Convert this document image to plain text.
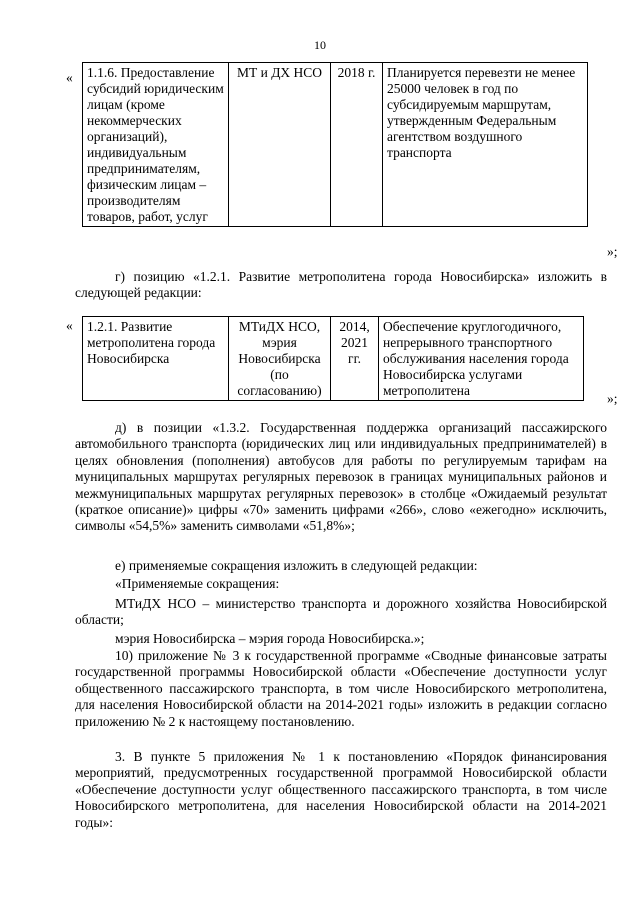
10
« 1.1.6. Предоставление субсидий юридическим лицам (кроме некоммерческих организаций), индивидуальным предпринимателям, физическим лицам – производителям товаров, работ, услуг	МТ и ДХ НСО	2018 г.	Планируется перевезти не менее 25000 человек в год по субсидируемым маршрутам, утвержденным Федеральным агентством воздушного транспорта
»;

г) позицию «1.2.1. Развитие метрополитена города Новосибирска» изложить в следующей редакции:

« 1.2.1. Развитие метрополитена города Новосибирска	МТиДХ НСО, мэрия Новосибирска (по согласованию)	2014, 2021 гг.	Обеспечение круглогодичного, непрерывного транспортного обслуживания населения города Новосибирска услугами метрополитена
»;

д) в позиции «1.3.2. Государственная поддержка организаций пассажирского автомобильного транспорта (юридических лиц или индивидуальных предпринимателей) в целях обновления (пополнения) автобусов для работы по регулируемым тарифам на муниципальных маршрутах регулярных перевозок в границах муниципальных районов и межмуниципальных маршрутах регулярных перевозок» в столбце «Ожидаемый результат (краткое описание)» цифры «70» заменить цифрами «266», слово «ежегодно» исключить, символы «54,5%» заменить символами «51,8%»;

е) применяемые сокращения изложить в следующей редакции:

«Применяемые сокращения:

МТиДХ НСО – министерство транспорта и дорожного хозяйства Новосибирской области;

мэрия Новосибирска – мэрия города Новосибирска.»;

10) приложение № 3 к государственной программе «Сводные финансовые затраты государственной программы Новосибирской области «Обеспечение доступности услуг общественного пассажирского транспорта, в том числе Новосибирского метрополитена, для населения Новосибирской области на 2014-2021 годы» изложить в редакции согласно приложению № 2 к настоящему постановлению.

3. В пункте 5 приложения № 1 к постановлению «Порядок финансирования мероприятий, предусмотренных государственной программой Новосибирской области «Обеспечение доступности услуг общественного пассажирского транспорта, в том числе Новосибирского метрополитена, для населения Новосибирской области на 2014-2021 годы»:
